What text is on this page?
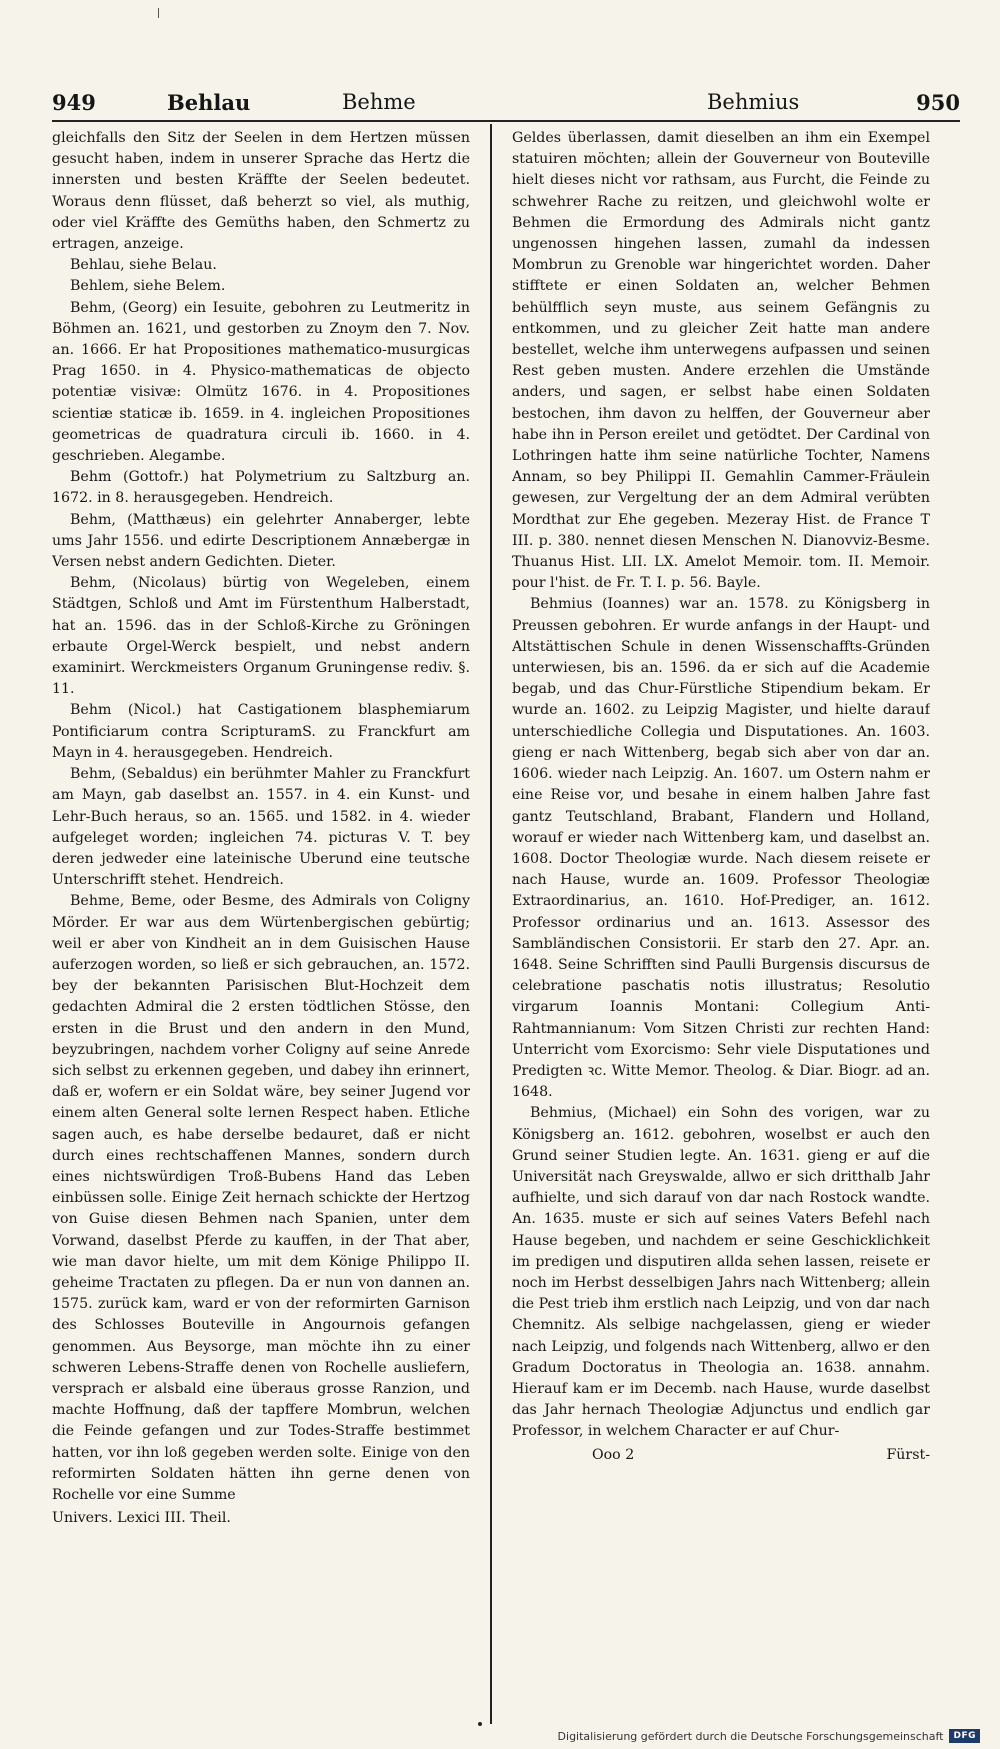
949	Behlau	Behme	Behmius	950

gleichfalls den Sitz der Seelen in dem Hertzen müssen gesucht haben, indem in unserer Sprache das Hertz die innersten und besten Kräffte der Seelen bedeutet. Woraus denn flüsset, daß beherzt so viel, als muthig, oder viel Kräffte des Gemüths haben, den Schmertz zu ertragen, anzeige.

Behlau, siehe Belau.

Behlem, siehe Belem.

Behm, (Georg) ein Iesuite, gebohren zu Leutmeritz in Böhmen an. 1621, und gestorben zu Znoym den 7. Nov. an. 1666. Er hat Propositiones mathematico-musurgicas Prag 1650. in 4. Physico-mathematicas de objecto potentiæ visivæ: Olmütz 1676. in 4. Propositiones scientiæ staticæ ib. 1659. in 4. ingleichen Propositiones geometricas de quadratura circuli ib. 1660. in 4. geschrieben. Alegambe.

Behm (Gottofr.) hat Polymetrium zu Saltzburg an. 1672. in 8. herausgegeben. Hendreich.

Behm, (Matthæus) ein gelehrter Annaberger, lebte ums Jahr 1556. und edirte Descriptionem Annæbergæ in Versen nebst andern Gedichten. Dieter.

Behm, (Nicolaus) bürtig von Wegeleben, einem Städtgen, Schloß und Amt im Fürstenthum Halberstadt, hat an. 1596. das in der Schloß-Kirche zu Gröningen erbaute Orgel-Werck bespielt, und nebst andern examinirt. Werckmeisters Organum Gruningense rediv. §. 11.

Behm (Nicol.) hat Castigationem blasphemiarum Pontificiarum contra ScripturamS. zu Franckfurt am Mayn in 4. herausgegeben. Hendreich.

Behm, (Sebaldus) ein berühmter Mahler zu Franckfurt am Mayn, gab daselbst an. 1557. in 4. ein Kunst- und Lehr-Buch heraus, so an. 1565. und 1582. in 4. wieder aufgeleget worden; ingleichen 74. picturas V. T. bey deren jedweder eine lateinische Uberund eine teutsche Unterschrifft stehet. Hendreich.

Behme, Beme, oder Besme, des Admirals von Coligny Mörder. Er war aus dem Würtenbergischen gebürtig; weil er aber von Kindheit an in dem Guisischen Hause auferzogen worden, so ließ er sich gebrauchen, an. 1572. bey der bekannten Parisischen Blut-Hochzeit dem gedachten Admiral die 2 ersten tödtlichen Stösse, den ersten in die Brust und den andern in den Mund, beyzubringen, nachdem vorher Coligny auf seine Anrede sich selbst zu erkennen gegeben, und dabey ihn erinnert, daß er, wofern er ein Soldat wäre, bey seiner Jugend vor einem alten General solte lernen Respect haben. Etliche sagen auch, es habe derselbe bedauret, daß er nicht durch eines rechtschaffenen Mannes, sondern durch eines nichtswürdigen Troß-Bubens Hand das Leben einbüssen solle. Einige Zeit hernach schickte der Hertzog von Guise diesen Behmen nach Spanien, unter dem Vorwand, daselbst Pferde zu kauffen, in der That aber, wie man davor hielte, um mit dem Könige Philippo II. geheime Tractaten zu pflegen. Da er nun von dannen an. 1575. zurück kam, ward er von der reformirten Garnison des Schlosses Bouteville in Angournois gefangen genommen. Aus Beysorge, man möchte ihn zu einer schweren Lebens-Straffe denen von Rochelle ausliefern, versprach er alsbald eine überaus grosse Ranzion, und machte Hoffnung, daß der tapffere Mombrun, welchen die Feinde gefangen und zur Todes-Straffe bestimmet hatten, vor ihn loß gegeben werden solte. Einige von den reformirten Soldaten hätten ihn gerne denen von Rochelle vor eine Summe

Univers. Lexici III. Theil.

Geldes überlassen, damit dieselben an ihm ein Exempel statuiren möchten; allein der Gouverneur von Bouteville hielt dieses nicht vor rathsam, aus Furcht, die Feinde zu schwehrer Rache zu reitzen, und gleichwohl wolte er Behmen die Ermordung des Admirals nicht gantz ungenossen hingehen lassen, zumahl da indessen Mombrun zu Grenoble war hingerichtet worden. Daher stifftete er einen Soldaten an, welcher Behmen behülfflich seyn muste, aus seinem Gefängnis zu entkommen, und zu gleicher Zeit hatte man andere bestellet, welche ihm unterwegens aufpassen und seinen Rest geben musten. Andere erzehlen die Umstände anders, und sagen, er selbst habe einen Soldaten bestochen, ihm davon zu helffen, der Gouverneur aber habe ihn in Person ereilet und getödtet. Der Cardinal von Lothringen hatte ihm seine natürliche Tochter, Namens Annam, so bey Philippi II. Gemahlin Cammer-Fräulein gewesen, zur Vergeltung der an dem Admiral verübten Mordthat zur Ehe gegeben. Mezeray Hist. de France T III. p. 380. nennet diesen Menschen N. Dianovviz-Besme. Thuanus Hist. LII. LX. Amelot Memoir. tom. II. Memoir. pour l'hist. de Fr. T. I. p. 56. Bayle.

Behmius (Ioannes) war an. 1578. zu Königsberg in Preussen gebohren. Er wurde anfangs in der Haupt- und Altstättischen Schule in denen Wissenschaffts-Gründen unterwiesen, bis an. 1596. da er sich auf die Academie begab, und das Chur-Fürstliche Stipendium bekam. Er wurde an. 1602. zu Leipzig Magister, und hielte darauf unterschiedliche Collegia und Disputationes. An. 1603. gieng er nach Wittenberg, begab sich aber von dar an. 1606. wieder nach Leipzig. An. 1607. um Ostern nahm er eine Reise vor, und besahe in einem halben Jahre fast gantz Teutschland, Brabant, Flandern und Holland, worauf er wieder nach Wittenberg kam, und daselbst an. 1608. Doctor Theologiæ wurde. Nach diesem reisete er nach Hause, wurde an. 1609. Professor Theologiæ Extraordinarius, an. 1610. Hof-Prediger, an. 1612. Professor ordinarius und an. 1613. Assessor des Sambländischen Consistorii. Er starb den 27. Apr. an. 1648. Seine Schrifften sind Paulli Burgensis discursus de celebratione paschatis notis illustratus; Resolutio virgarum Ioannis Montani: Collegium Anti-Rahtmannianum: Vom Sitzen Christi zur rechten Hand: Unterricht vom Exorcismo: Sehr viele Disputationes und Predigten ꝛc. Witte Memor. Theolog. & Diar. Biogr. ad an. 1648.

Behmius, (Michael) ein Sohn des vorigen, war zu Königsberg an. 1612. gebohren, woselbst er auch den Grund seiner Studien legte. An. 1631. gieng er auf die Universität nach Greyswalde, allwo er sich dritthalb Jahr aufhielte, und sich darauf von dar nach Rostock wandte. An. 1635. muste er sich auf seines Vaters Befehl nach Hause begeben, und nachdem er seine Geschicklichkeit im predigen und disputiren allda sehen lassen, reisete er noch im Herbst desselbigen Jahrs nach Wittenberg; allein die Pest trieb ihm erstlich nach Leipzig, und von dar nach Chemnitz. Als selbige nachgelassen, gieng er wieder nach Leipzig, und folgends nach Wittenberg, allwo er den Gradum Doctoratus in Theologia an. 1638. annahm. Hierauf kam er im Decemb. nach Hause, wurde daselbst das Jahr hernach Theologiæ Adjunctus und endlich gar Professor, in welchem Character er auf Chur-

Ooo 2	Fürst-
Digitalisierung gefördert durch die Deutsche Forschungsgemeinschaft	DFG
